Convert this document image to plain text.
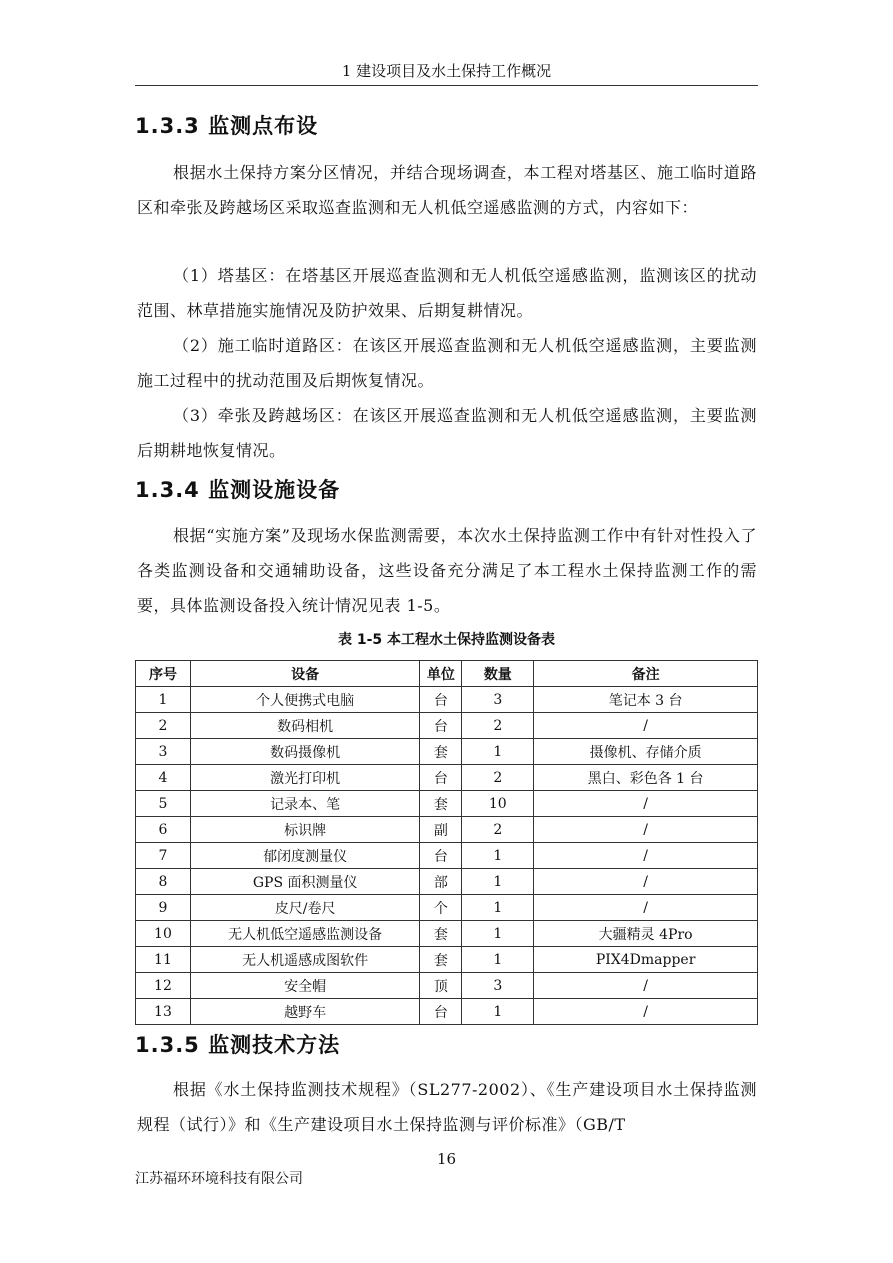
1 建设项目及水土保持工作概况
1.3.3 监测点布设
根据水土保持方案分区情况，并结合现场调查，本工程对塔基区、施工临时道路区和牵张及跨越场区采取巡查监测和无人机低空遥感监测的方式，内容如下：
（1）塔基区：在塔基区开展巡查监测和无人机低空遥感监测，监测该区的扰动范围、林草措施实施情况及防护效果、后期复耕情况。
（2）施工临时道路区：在该区开展巡查监测和无人机低空遥感监测，主要监测施工过程中的扰动范围及后期恢复情况。
（3）牵张及跨越场区：在该区开展巡查监测和无人机低空遥感监测，主要监测后期耕地恢复情况。
1.3.4 监测设施设备
根据“实施方案”及现场水保监测需要，本次水土保持监测工作中有针对性投入了各类监测设备和交通辅助设备，这些设备充分满足了本工程水土保持监测工作的需要，具体监测设备投入统计情况见表 1-5。
表 1-5 本工程水土保持监测设备表
序号	设备	单位	数量	备注
1	个人便携式电脑	台	3	笔记本 3 台
2	数码相机	台	2	/
3	数码摄像机	套	1	摄像机、存储介质
4	激光打印机	台	2	黑白、彩色各 1 台
5	记录本、笔	套	10	/
6	标识牌	副	2	/
7	郁闭度测量仪	台	1	/
8	GPS 面积测量仪	部	1	/
9	皮尺/卷尺	个	1	/
10	无人机低空遥感监测设备	套	1	大疆精灵 4Pro
11	无人机遥感成图软件	套	1	PIX4Dmapper
12	安全帽	顶	3	/
13	越野车	台	1	/
1.3.5 监测技术方法
根据《水土保持监测技术规程》（SL277-2002）、《生产建设项目水土保持监测规程（试行）》和《生产建设项目水土保持监测与评价标准》（GB/T
16
江苏福环环境科技有限公司
